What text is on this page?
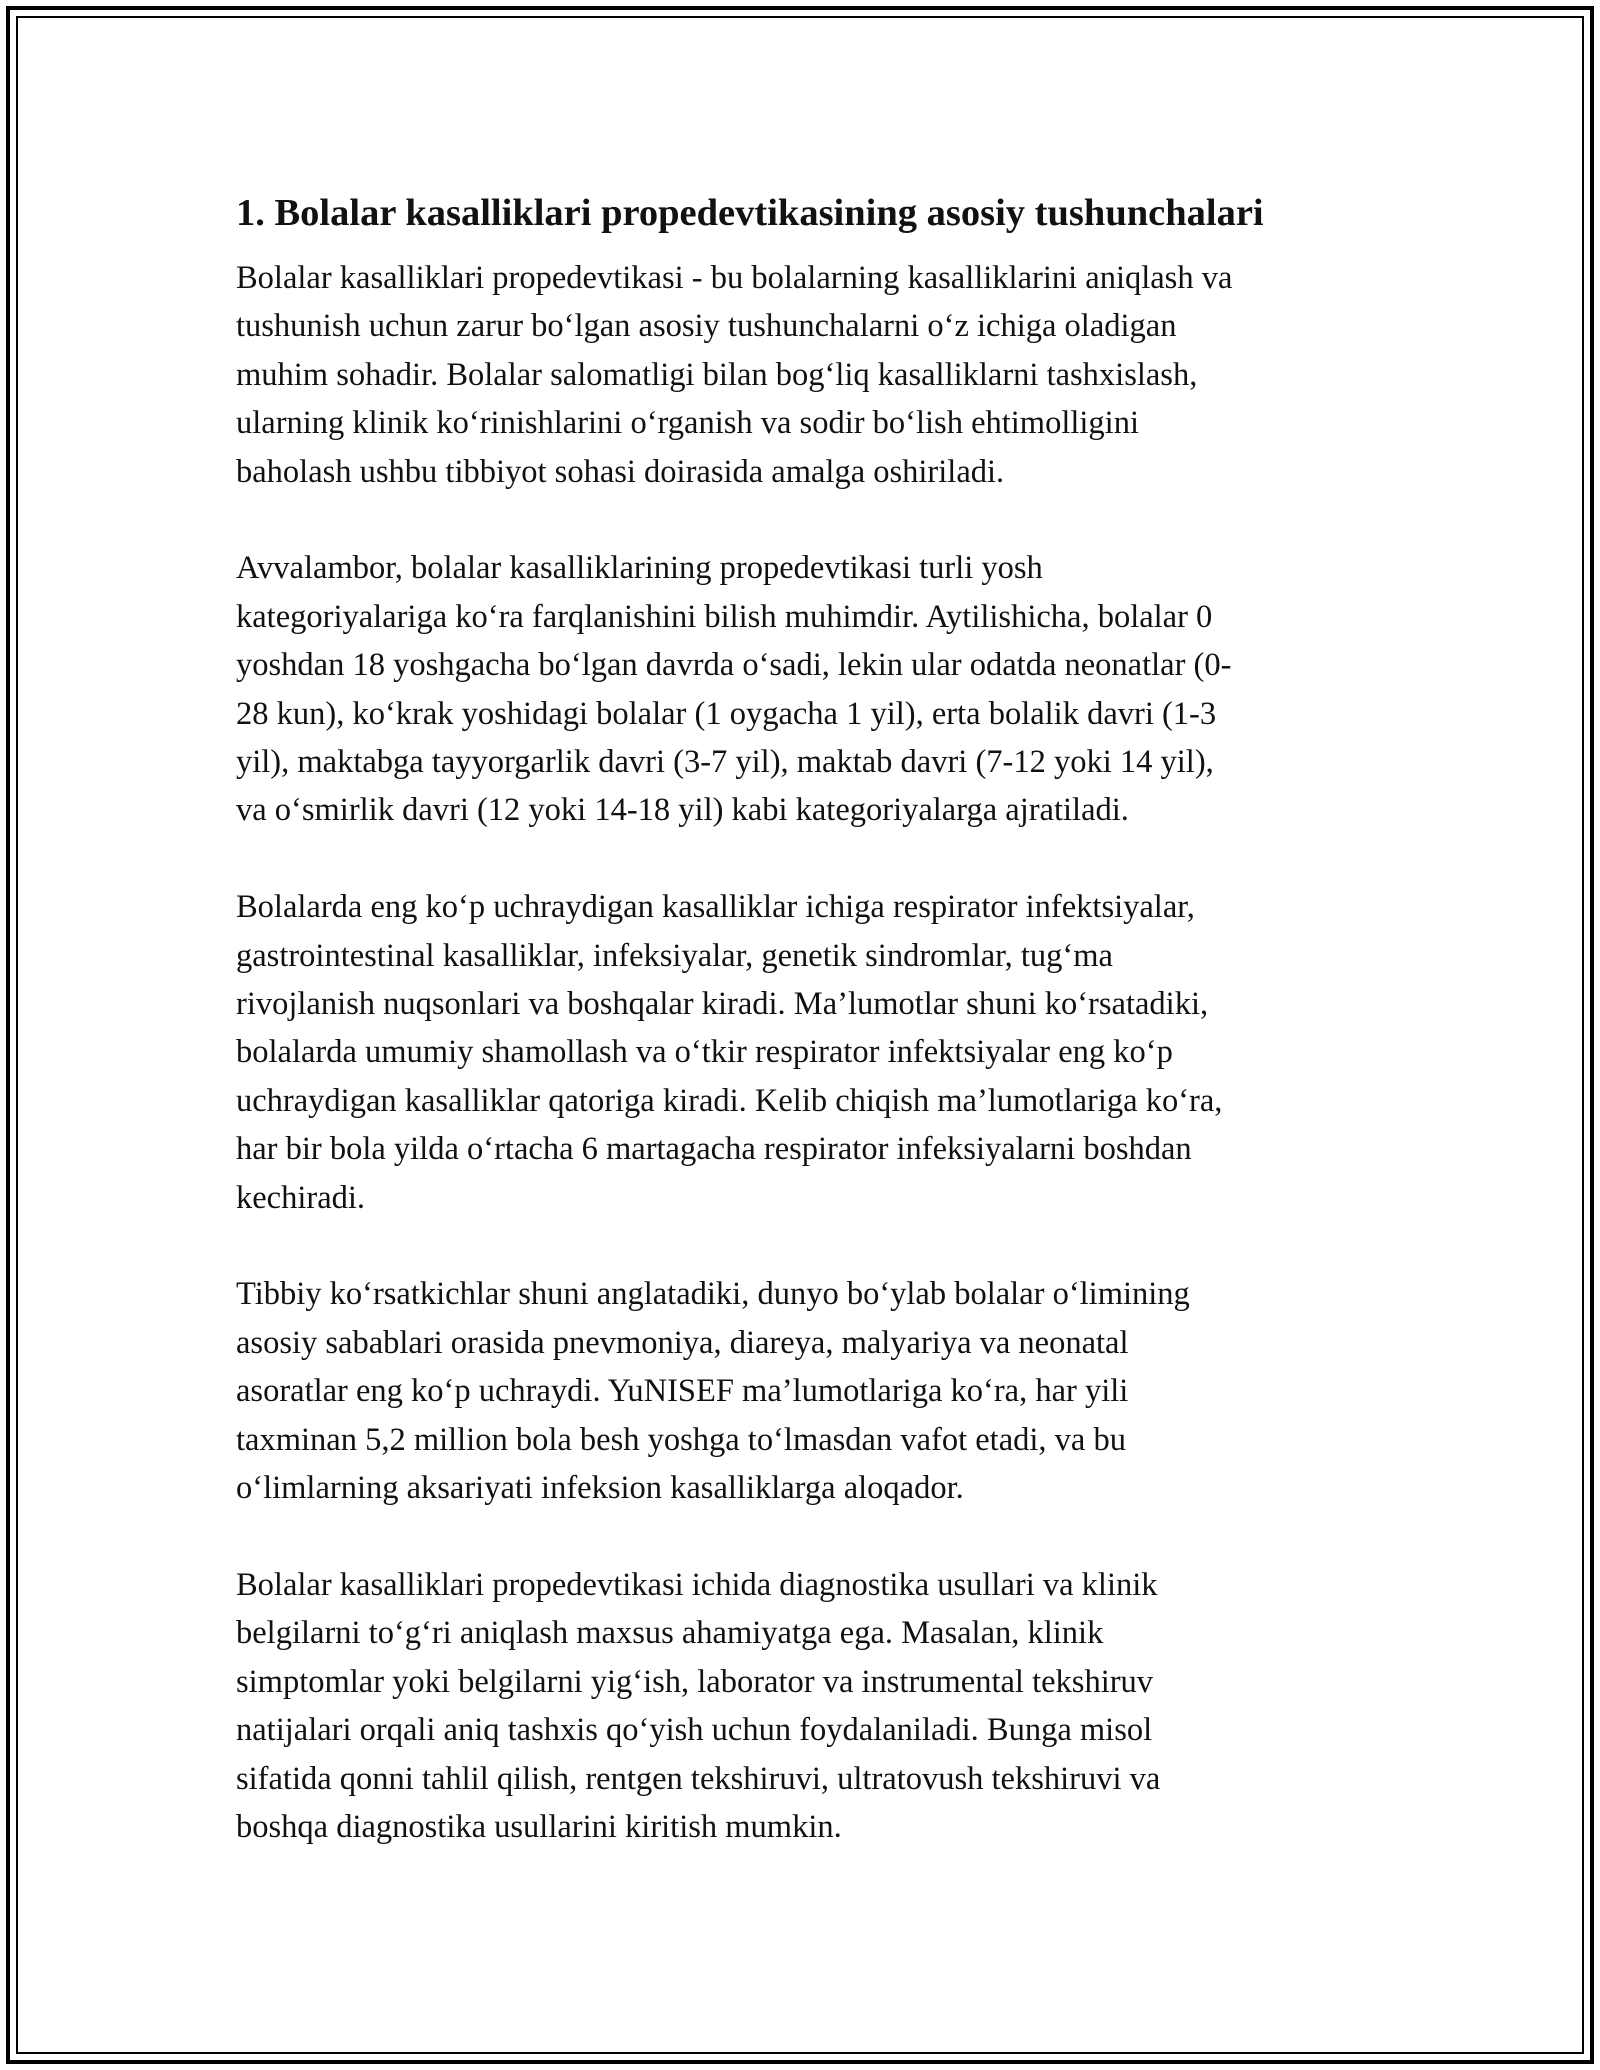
1. Bolalar kasalliklari propedevtikasining asosiy tushunchalari

Bolalar kasalliklari propedevtikasi - bu bolalarning kasalliklarini aniqlash va
tushunish uchun zarur bo‘lgan asosiy tushunchalarni o‘z ichiga oladigan
muhim sohadir. Bolalar salomatligi bilan bog‘liq kasalliklarni tashxislash,
ularning klinik ko‘rinishlarini o‘rganish va sodir bo‘lish ehtimolligini
baholash ushbu tibbiyot sohasi doirasida amalga oshiriladi.

Avvalambor, bolalar kasalliklarining propedevtikasi turli yosh
kategoriyalariga ko‘ra farqlanishini bilish muhimdir. Aytilishicha, bolalar 0
yoshdan 18 yoshgacha bo‘lgan davrda o‘sadi, lekin ular odatda neonatlar (0-
28 kun), ko‘krak yoshidagi bolalar (1 oygacha 1 yil), erta bolalik davri (1-3
yil), maktabga tayyorgarlik davri (3-7 yil), maktab davri (7-12 yoki 14 yil),
va o‘smirlik davri (12 yoki 14-18 yil) kabi kategoriyalarga ajratiladi.

Bolalarda eng ko‘p uchraydigan kasalliklar ichiga respirator infektsiyalar,
gastrointestinal kasalliklar, infeksiyalar, genetik sindromlar, tug‘ma
rivojlanish nuqsonlari va boshqalar kiradi. Ma’lumotlar shuni ko‘rsatadiki,
bolalarda umumiy shamollash va o‘tkir respirator infektsiyalar eng ko‘p
uchraydigan kasalliklar qatoriga kiradi. Kelib chiqish ma’lumotlariga ko‘ra,
har bir bola yilda o‘rtacha 6 martagacha respirator infeksiyalarni boshdan
kechiradi.

Tibbiy ko‘rsatkichlar shuni anglatadiki, dunyo bo‘ylab bolalar o‘limining
asosiy sabablari orasida pnevmoniya, diareya, malyariya va neonatal
asoratlar eng ko‘p uchraydi. YuNISEF ma’lumotlariga ko‘ra, har yili
taxminan 5,2 million bola besh yoshga to‘lmasdan vafot etadi, va bu
o‘limlarning aksariyati infeksion kasalliklarga aloqador.

Bolalar kasalliklari propedevtikasi ichida diagnostika usullari va klinik
belgilarni to‘g‘ri aniqlash maxsus ahamiyatga ega. Masalan, klinik
simptomlar yoki belgilarni yig‘ish, laborator va instrumental tekshiruv
natijalari orqali aniq tashxis qo‘yish uchun foydalaniladi. Bunga misol
sifatida qonni tahlil qilish, rentgen tekshiruvi, ultratovush tekshiruvi va
boshqa diagnostika usullarini kiritish mumkin.
